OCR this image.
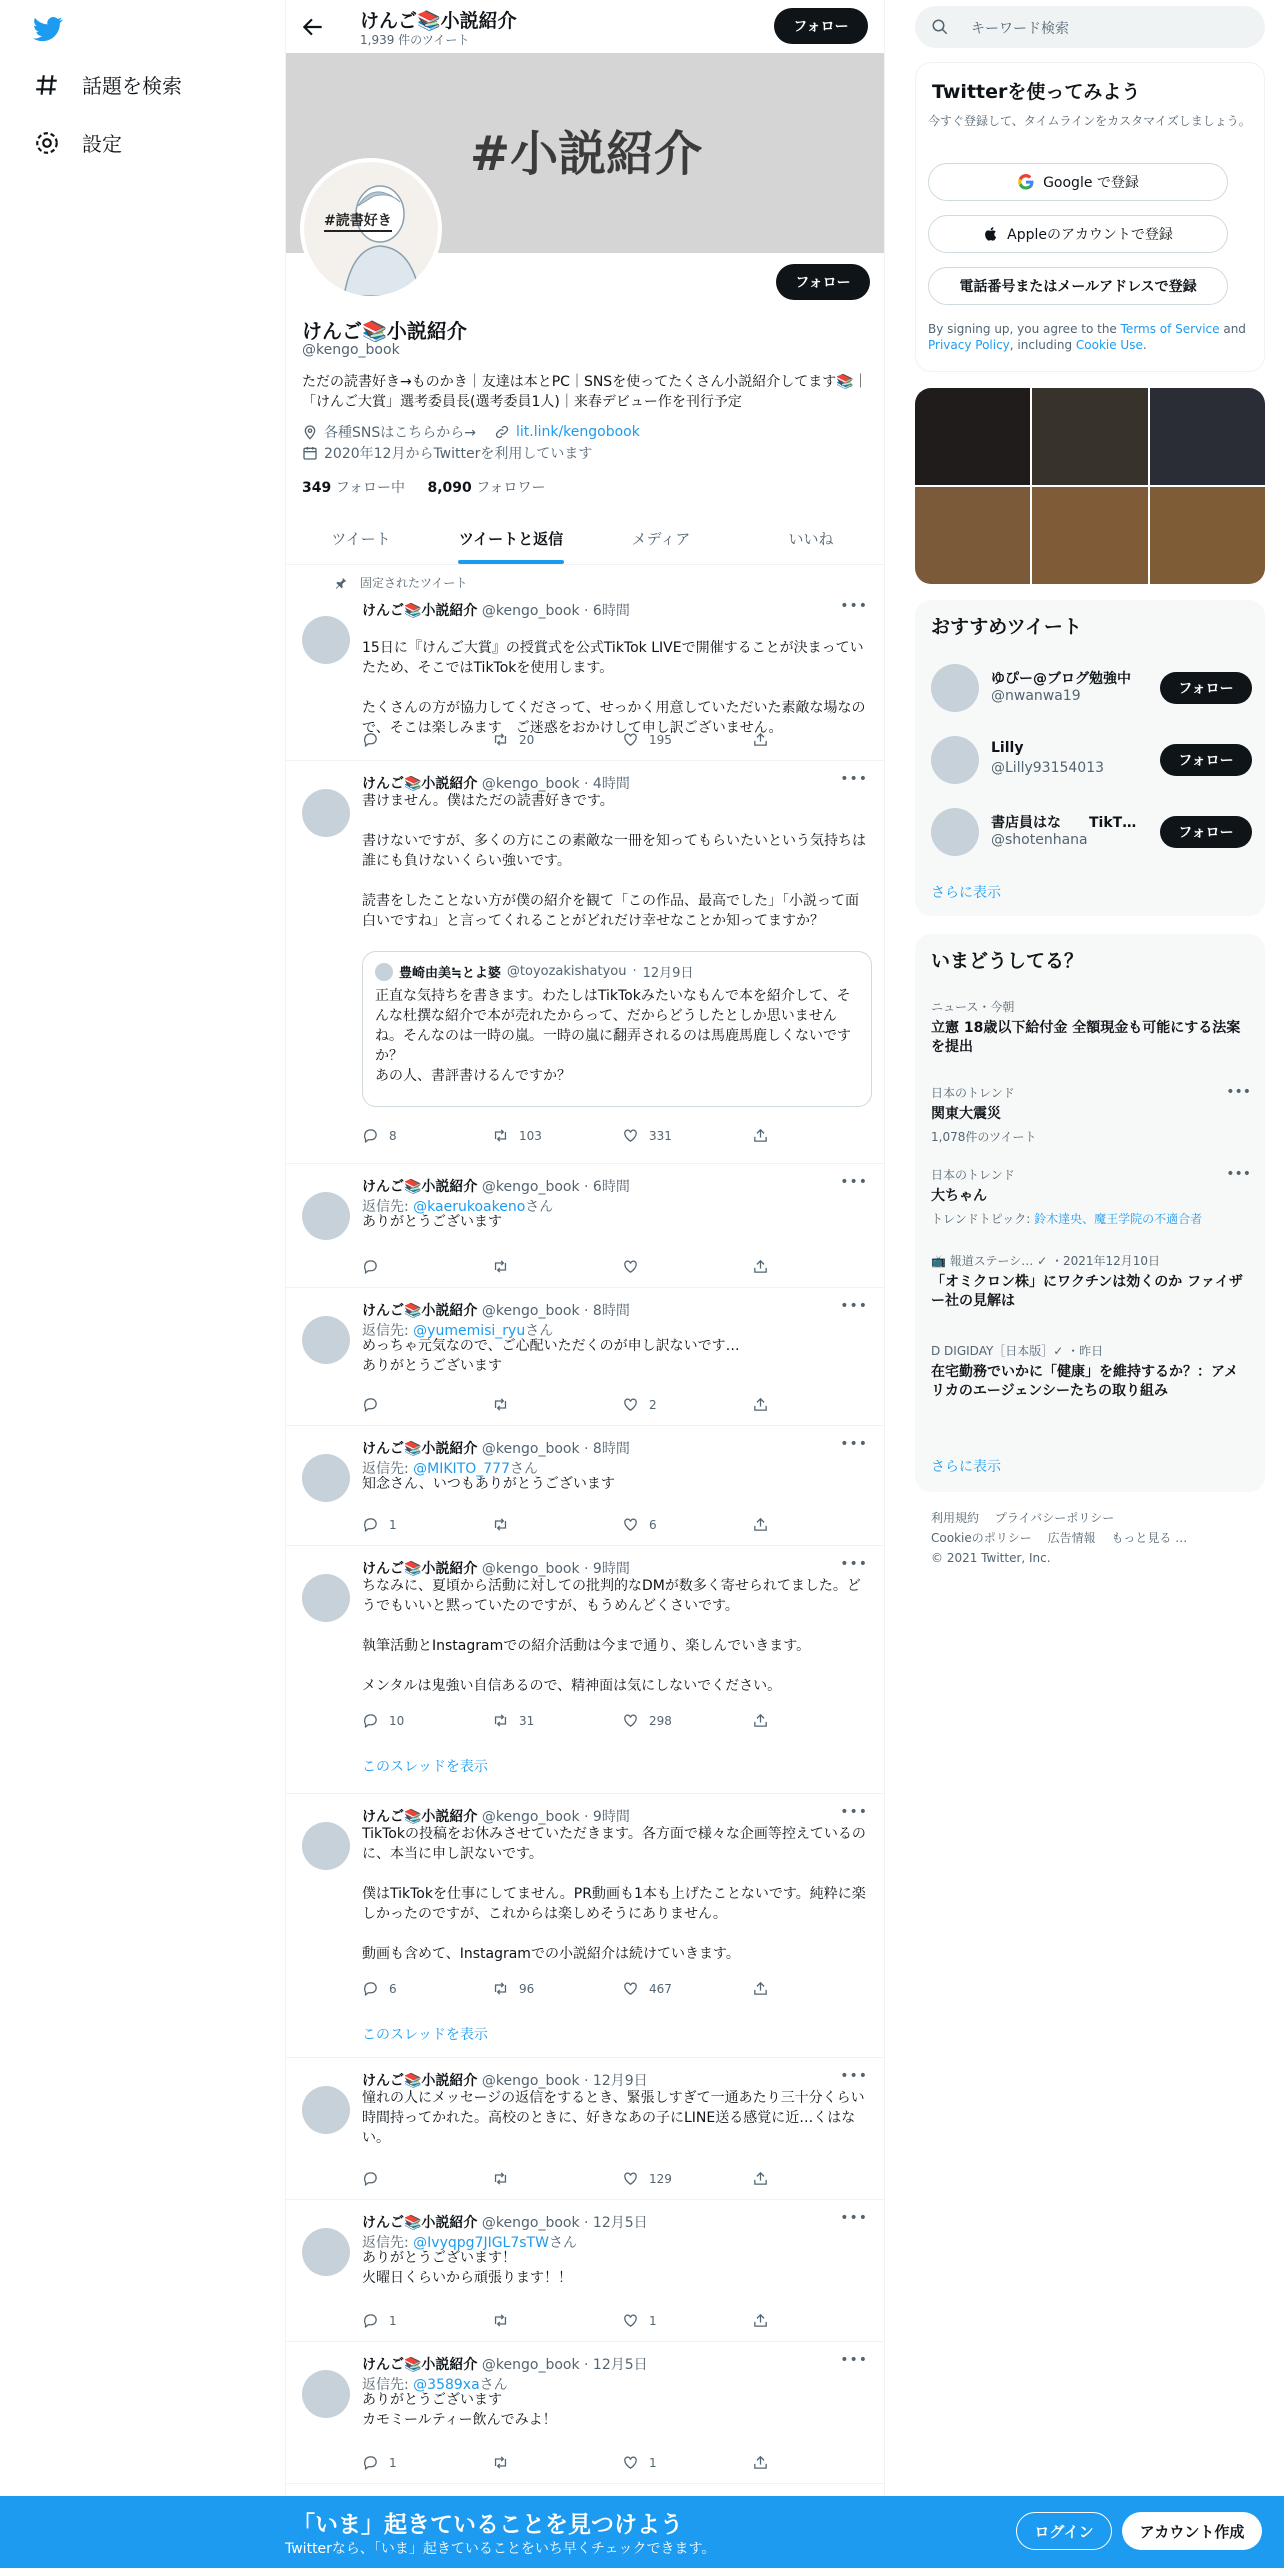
話題を検索
設定
けんご📚小説紹介
1,939 件のツイート
フォロー
#小説紹介
#読書好き
フォロー
けんご📚小説紹介
@kengo_book
ただの読書好き→ものかき｜友達は本とPC｜SNSを使ってたくさん小説紹介してます📚｜「けんご大賞」選考委員長(選考委員1人)｜来春デビュー作を刊行予定
各種SNSはこちらから→	lit.link/kengobook
2020年12月からTwitterを利用しています
349 フォロー中 8,090 フォロワー
ツイート	ツイートと返信	メディア	いいね
固定されたツイート
けんご📚小説紹介 @kengo_book · 6時間	•••
15日に『けんご大賞』の授賞式を公式TikTok LIVEで開催することが決まっていたため、そこではTikTokを使用します。

たくさんの方が協力してくださって、せっかく用意していただいた素敵な場なので、そこは楽しみます　ご迷惑をおかけして申し訳ございません。
20	195
けんご📚小説紹介 @kengo_book · 4時間	•••
書けません。僕はただの読書好きです。

書けないですが、多くの方にこの素敵な一冊を知ってもらいたいという気持ちは誰にも負けないくらい強いです。

読書をしたことない方が僕の紹介を観て「この作品、最高でした」「小説って面白いですね」と言ってくれることがどれだけ幸せなことか知ってますか？
豊崎由美≒とよ婆 @toyozakishatyou · 12月9日
正直な気持ちを書きます。わたしはTikTokみたいなもんで本を紹介して、そんな杜撰な紹介で本が売れたからって、だからどうしたとしか思いませんね。そんなのは一時の嵐。一時の嵐に翻弄されるのは馬鹿馬鹿しくないですか？
あの人、書評書けるんですか？
8	103	331
けんご📚小説紹介 @kengo_book · 6時間	•••
返信先: @kaerukoakenoさん
ありがとうございます
けんご📚小説紹介 @kengo_book · 8時間	•••
返信先: @yumemisi_ryuさん
めっちゃ元気なので、ご心配いただくのが申し訳ないです…
ありがとうございます
2
けんご📚小説紹介 @kengo_book · 8時間	•••
返信先: @MIKITO_777さん
知念さん、いつもありがとうございます
1	6
けんご📚小説紹介 @kengo_book · 9時間	•••
ちなみに、夏頃から活動に対しての批判的なDMが数多く寄せられてました。どうでもいいと黙っていたのですが、もうめんどくさいです。

執筆活動とInstagramでの紹介活動は今まで通り、楽しんでいきます。

メンタルは鬼強い自信あるので、精神面は気にしないでください。
10	31	298
このスレッドを表示
けんご📚小説紹介 @kengo_book · 9時間	•••
TikTokの投稿をお休みさせていただきます。各方面で様々な企画等控えているのに、本当に申し訳ないです。

僕はTikTokを仕事にしてません。PR動画も1本も上げたことないです。純粋に楽しかったのですが、これからは楽しめそうにありません。

動画も含めて、Instagramでの小説紹介は続けていきます。
6	96	467
このスレッドを表示
けんご📚小説紹介 @kengo_book · 12月9日	•••
憧れの人にメッセージの返信をするとき、緊張しすぎて一通あたり三十分くらい時間持ってかれた。高校のときに、好きなあの子にLINE送る感覚に近…くはない。
129
けんご📚小説紹介 @kengo_book · 12月5日	•••
返信先: @Ivyqpg7JIGL7sTWさん
ありがとうございます！
火曜日くらいから頑張ります！！
1	1
けんご📚小説紹介 @kengo_book · 12月5日	•••
返信先: @3589xaさん
ありがとうございます
カモミールティー飲んでみよ！
1	1
キーワード検索
Twitterを使ってみよう
今すぐ登録して、タイムラインをカスタマイズしましょう。
Google で登録
Appleのアカウントで登録
電話番号またはメールアドレスで登録
By signing up, you agree to the Terms of Service and Privacy Policy, including Cookie Use.
おすすめツイート
ゆぴー@ブログ勉強中
@nwanwa19	フォロー
Lilly
@Lilly93154013	フォロー
書店員はな　　TikT…
@shotenhana	フォロー
さらに表示
いまどうしてる？
ニュース・今朝
立憲 18歳以下給付金 全額現金も可能にする法案を提出
日本のトレンド
関東大震災
1,078件のツイート
•••
日本のトレンド
大ちゃん
トレンドトピック: 鈴木達央、魔王学院の不適合者
•••
📺 報道ステーシ… ✓ ・2021年12月10日
「オミクロン株」にワクチンは効くのか ファイザー社の見解は
D DIGIDAY［日本版］✓ ・昨日
在宅勤務でいかに「健康」を維持するか？：アメリカのエージェンシーたちの取り組み
さらに表示
利用規約 プライバシーポリシー
Cookieのポリシー 広告情報 もっと見る …
© 2021 Twitter, Inc.
「いま」起きていることを見つけよう
Twitterなら、「いま」起きていることをいち早くチェックできます。
ログイン	アカウント作成
